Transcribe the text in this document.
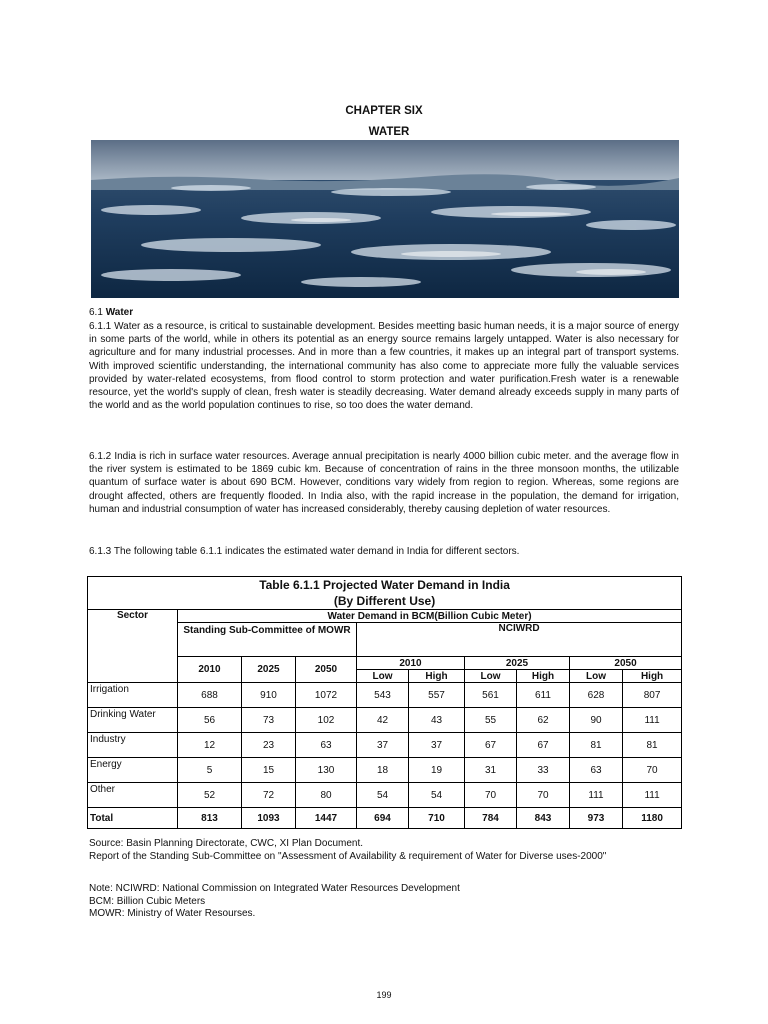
CHAPTER SIX
WATER
6.1 Water
6.1.1 Water as a resource, is critical to sustainable development. Besides meetting basic human needs, it is a major source of energy in some parts of the world, while in others its potential as an energy source remains largely untapped. Water is also necessary for agriculture and for many industrial processes. And in more than a few countries, it makes up an integral part of transport systems. With improved scientific understanding, the international community has also come to appreciate more fully the valuable services provided by water-related ecosystems, from flood control to storm protection and water purification.Fresh water is a renewable resource, yet the world's supply of clean, fresh water is steadily decreasing. Water demand already exceeds supply in many parts of the world and as the world population continues to rise, so too does the water demand.
6.1.2 India is rich in surface water resources. Average annual precipitation is nearly 4000 billion cubic meter. and the average flow in the river system is estimated to be 1869 cubic km. Because of concentration of rains in the three monsoon months, the utilizable quantum of surface water is about 690 BCM. However, conditions vary widely from region to region. Whereas, some regions are drought affected, others are frequently flooded. In India also, with the rapid increase in the population, the demand for irrigation, human and industrial consumption of water has increased considerably, thereby causing depletion of water resources.
6.1.3 The following table 6.1.1 indicates the estimated water demand in India for different sectors.
Table 6.1.1 Projected Water Demand in India
(By Different Use)									

Sector	Water Demand in BCM(Billion Cubic Meter)								
	Standing Sub-Committee of MOWR			NCIWRD					
	2010	2025	2050	2010		2025		2050	
				Low	High	Low	High	Low	High
Irrigation	688	910	1072	543	557	561	611	628	807
Drinking Water	56	73	102	42	43	55	62	90	111
Industry	12	23	63	37	37	67	67	81	81
Energy	5	15	130	18	19	31	33	63	70
Other	52	72	80	54	54	70	70	111	111
Total	813	1093	1447	694	710	784	843	973	1180
Source: Basin Planning Directorate, CWC, XI Plan Document.
Report of the Standing Sub-Committee on "Assessment of Availability & requirement of Water for Diverse uses-2000"
Note: NCIWRD: National Commission on Integrated Water Resources Development
BCM: Billion Cubic Meters
MOWR: Ministry of Water Resourses.
199
